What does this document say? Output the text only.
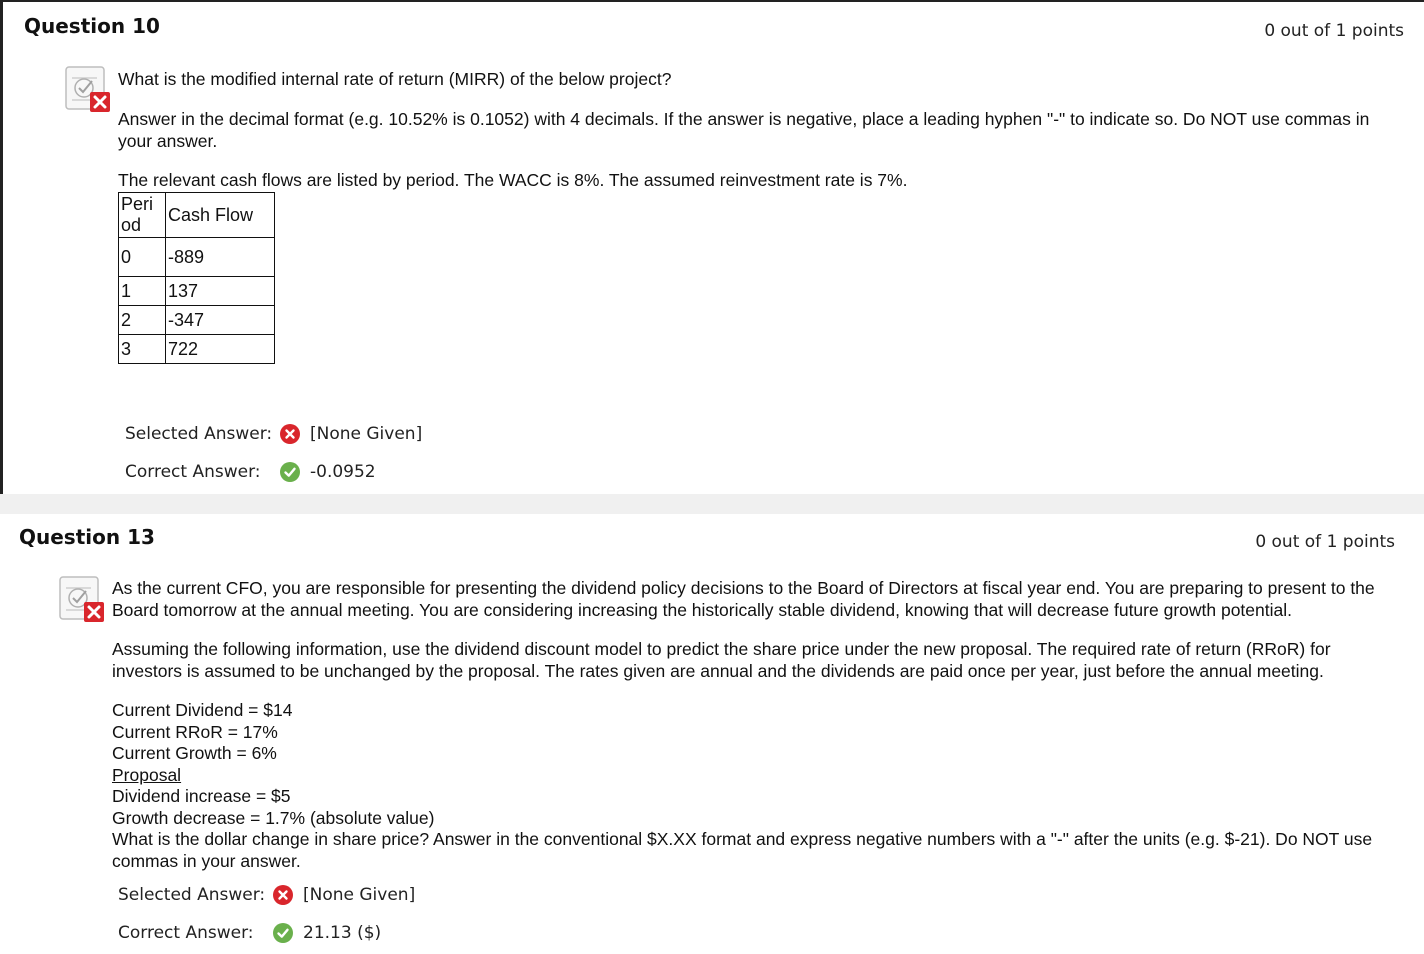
Question 10	0 out of 1 points

What is the modified internal rate of return (MIRR) of the below project?

Answer in the decimal format (e.g. 10.52% is 0.1052) with 4 decimals. If the answer is negative, place a leading hyphen "-" to indicate so. Do NOT use commas in your answer.

The relevant cash flows are listed by period. The WACC is 8%. The assumed reinvestment rate is 7%.

Period	Cash Flow
0	-889
1	137
2	-347
3	722
Selected Answer:	[None Given]
Correct Answer:	-0.0952
Question 13	0 out of 1 points

As the current CFO, you are responsible for presenting the dividend policy decisions to the Board of Directors at fiscal year end. You are preparing to present to the Board tomorrow at the annual meeting. You are considering increasing the historically stable dividend, knowing that will decrease future growth potential.

Assuming the following information, use the dividend discount model to predict the share price under the new proposal. The required rate of return (RRoR) for investors is assumed to be unchanged by the proposal. The rates given are annual and the dividends are paid once per year, just before the annual meeting.

Current Dividend = $14

Current RRoR = 17%

Current Growth = 6%

Proposal

Dividend increase = $5

Growth decrease = 1.7% (absolute value)

What is the dollar change in share price? Answer in the conventional $X.XX format and express negative numbers with a "-" after the units (e.g. $-21). Do NOT use commas in your answer.

Selected Answer:	[None Given]
Correct Answer:	21.13 ($)
